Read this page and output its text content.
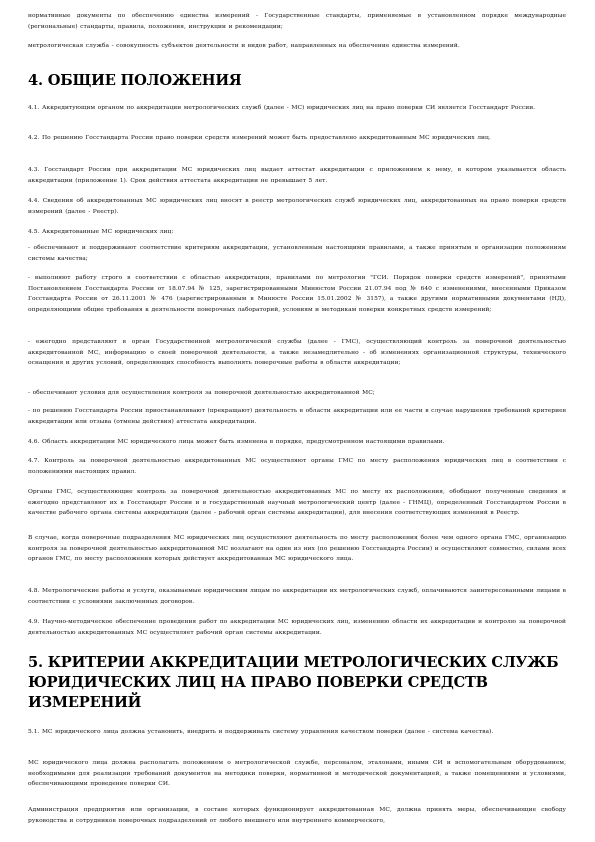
нормативные документы по обеспечению единства измерений - Государственные стандарты, применяемые в установленном порядке международные (региональные) стандарты, правила, положения, инструкции и рекомендации;

метрологическая служба - совокупность субъектов деятельности и видов работ, направленных на обеспечение единства измерений.

4. ОБЩИЕ ПОЛОЖЕНИЯ

4.1. Аккредитующим органом по аккредитации метрологических служб (далее - МС) юридических лиц на право поверки СИ является Госстандарт России.

4.2. По решению Госстандарта России право поверки средств измерений может быть предоставлено аккредитованным МС юридических лиц.

4.3. Госстандарт России при аккредитации МС юридических лиц выдает аттестат аккредитации с приложением к нему, в котором указывается область аккредитации (приложение 1). Срок действия аттестата аккредитации не превышает 5 лет.

4.4. Сведения об аккредитованных МС юридических лиц вносят в реестр метрологических служб юридических лиц, аккредитованных на право поверки средств измерений (далее - Реестр).

4.5. Аккредитованные МС юридических лиц:

- обеспечивают и поддерживают соответствие критериям аккредитации, установленным настоящими правилами, а также принятым в организации положениям системы качества;

- выполняют работу строго в соответствии с областью аккредитации, правилами по метрологии "ГСИ. Порядок поверки средств измерений", принятыми Постановлением Госстандарта России от 18.07.94 № 125, зарегистрированными Минюстом России 21.07.94 под № 640 с изменениями, внесенными Приказом Госстандарта России от 26.11.2001 № 476 (зарегистрированным в Минюсте России 15.01.2002 № 3157), а также другими нормативными документами (НД), определяющими общие требования к деятельности поверочных лабораторий, условиям и методикам поверки конкретных средств измерений;

- ежегодно представляют в орган Государственной метрологической службы (далее - ГМС), осуществляющий контроль за поверочной деятельностью аккредитованной МС, информацию о своей поверочной деятельности, а также незамедлительно - об изменениях организационной структуры, технического оснащения и других условий, определяющих способность выполнять поверочные работы в области аккредитации;

- обеспечивают условия для осуществления контроля за поверочной деятельностью аккредитованной МС;

- по решению Госстандарта России приостанавливают (прекращают) деятельность в области аккредитации или ее части в случае нарушения требований критериев аккредитации или отзыва (отмены действия) аттестата аккредитации.

4.6. Область аккредитации МС юридического лица может быть изменена в порядке, предусмотренном настоящими правилами.

4.7. Контроль за поверочной деятельностью аккредитованных МС осуществляют органы ГМС по месту расположения юридических лиц в соответствии с положениями настоящих правил.

Органы ГМС, осуществляющие контроль за поверочной деятельностью аккредитованных МС по месту их расположения, обобщают полученные сведения и ежегодно представляют их в Госстандарт России и в государственный научный метрологический центр (далее - ГНМЦ), определенный Госстандартом России в качестве рабочего органа системы аккредитации (далее - рабочий орган системы аккредитации), для внесения соответствующих изменений в Реестр.

В случае, когда поверочные подразделения МС юридических лиц осуществляют деятельность по месту расположения более чем одного органа ГМС, организацию контроля за поверочной деятельностью аккредитованной МС возлагают на один из них (по решению Госстандарта России) и осуществляют совместно, силами всех органов ГМС, по месту расположения которых действует аккредитованная МС юридического лица.

4.8. Метрологические работы и услуги, оказываемые юридическим лицам по аккредитации их метрологических служб, оплачиваются заинтересованными лицами в соответствии с условиями заключенных договоров.

4.9. Научно-методическое обеспечение проведения работ по аккредитации МС юридических лиц, изменению области их аккредитации и контролю за поверочной деятельностью аккредитованных МС осуществляет рабочий орган системы аккредитации.

5. КРИТЕРИИ АККРЕДИТАЦИИ МЕТРОЛОГИЧЕСКИХ СЛУЖБ
ЮРИДИЧЕСКИХ ЛИЦ НА ПРАВО ПОВЕРКИ СРЕДСТВ
ИЗМЕРЕНИЙ

5.1. МС юридического лица должна установить, внедрить и поддерживать систему управления качеством поверки (далее - система качества).

МС юридического лица должна располагать положением о метрологической службе, персоналом, эталонами, иными СИ и вспомогательным оборудованием, необходимыми для реализации требований документов на методики поверки, нормативной и методической документацией, а также помещениями и условиями, обеспечивающими проведение поверки СИ.

Администрация предприятия или организации, в составе которых функционирует аккредитованная МС, должна принять меры, обеспечивающие свободу руководства и сотрудников поверочных подразделений от любого внешнего или внутреннего коммерческого,
